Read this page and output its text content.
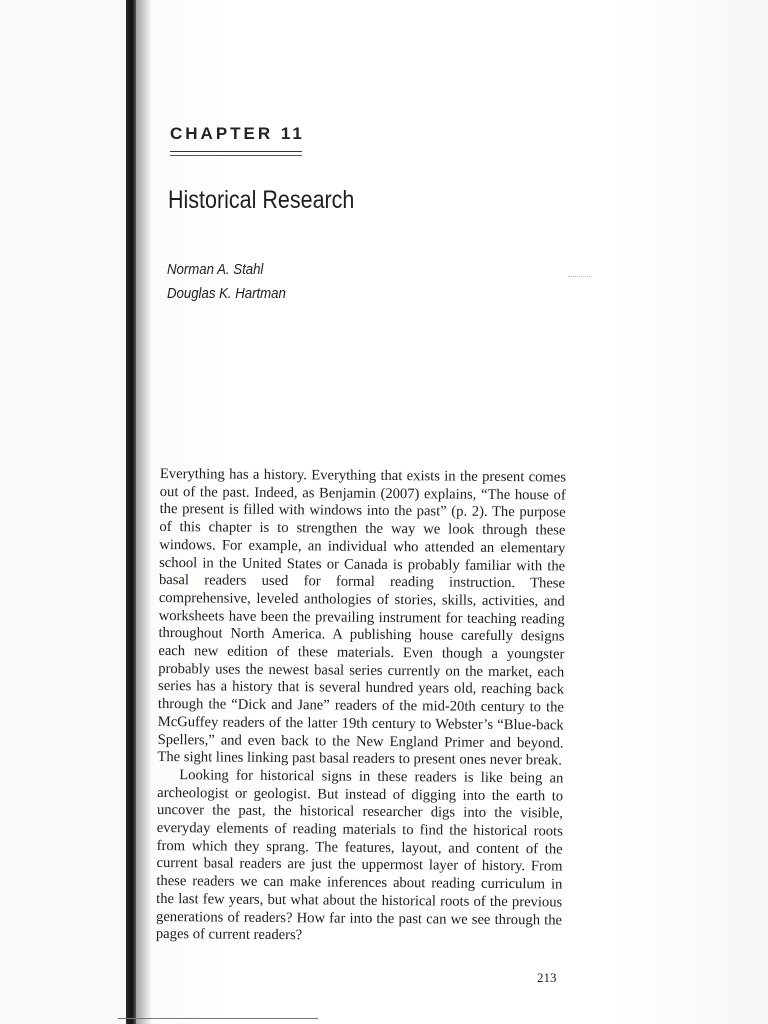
CHAPTER 11
Historical Research
Norman A. Stahl
Douglas K. Hartman

Everything has a history. Everything that exists in the present comes out of the past. Indeed, as Benjamin (2007) explains, “The house of the present is filled with windows into the past” (p. 2). The purpose of this chapter is to strengthen the way we look through these windows. For example, an individual who attended an elementary school in the United States or Canada is probably familiar with the basal readers used for formal reading instruction. These comprehensive, leveled anthologies of stories, skills, activities, and worksheets have been the prevailing instrument for teaching reading throughout North America. A publishing house carefully designs each new edition of these materials. Even though a youngster probably uses the newest basal series currently on the market, each series has a history that is several hundred years old, reaching back through the “Dick and Jane” readers of the mid-20th century to the McGuffey readers of the latter 19th century to Webster’s “Blue-back Spellers,” and even back to the New England Primer and beyond. The sight lines linking past basal readers to present ones never break.

Looking for historical signs in these readers is like being an archeologist or geologist. But instead of digging into the earth to uncover the past, the historical researcher digs into the visible, everyday elements of reading materials to find the historical roots from which they sprang. The features, layout, and content of the current basal readers are just the uppermost layer of history. From these readers we can make inferences about reading curriculum in the last few years, but what about the historical roots of the previous generations of readers? How far into the past can we see through the pages of current readers?

213
